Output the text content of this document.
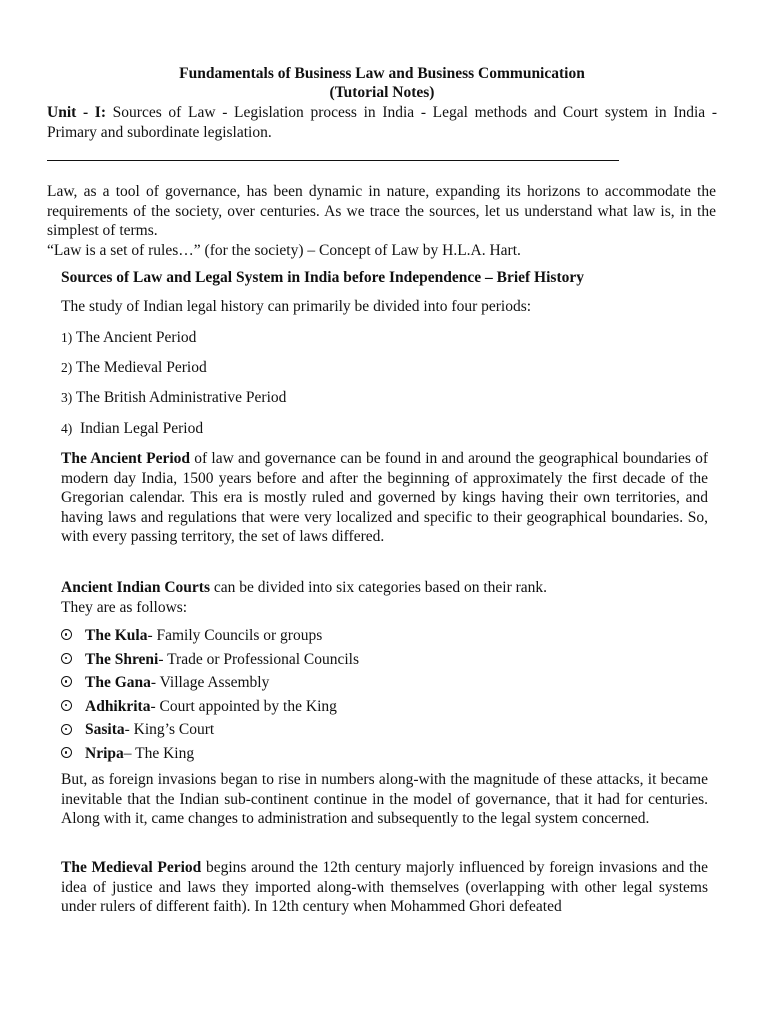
Fundamentals of Business Law and Business Communication
(Tutorial Notes)
Unit - I: Sources of Law - Legislation process in India - Legal methods and Court system in India - Primary and subordinate legislation.

Law, as a tool of governance, has been dynamic in nature, expanding its horizons to accommodate the requirements of the society, over centuries. As we trace the sources, let us understand what law is, in the simplest of terms.

“Law is a set of rules…” (for the society) – Concept of Law by H.L.A. Hart.

Sources of Law and Legal System in India before Independence – Brief History
The study of Indian legal history can primarily be divided into four periods:
1) The Ancient Period
2) The Medieval Period
3) The British Administrative Period
4) Indian Legal Period
The Ancient Period of law and governance can be found in and around the geographical boundaries of modern day India, 1500 years before and after the beginning of approximately the first decade of the Gregorian calendar. This era is mostly ruled and governed by kings having their own territories, and having laws and regulations that were very localized and specific to their geographical boundaries. So, with every passing territory, the set of laws differed.
Ancient Indian Courts can be divided into six categories based on their rank.
They are as follows:
The Kula - Family Councils or groups
The Shreni - Trade or Professional Councils
The Gana - Village Assembly
Adhikrita - Court appointed by the King
Sasita - King’s Court
Nripa – The King
But, as foreign invasions began to rise in numbers along-with the magnitude of these attacks, it became inevitable that the Indian sub-continent continue in the model of governance, that it had for centuries. Along with it, came changes to administration and subsequently to the legal system concerned.
The Medieval Period begins around the 12th century majorly influenced by foreign invasions and the idea of justice and laws they imported along-with themselves (overlapping with other legal systems under rulers of different faith). In 12th century when Mohammed Ghori defeated
